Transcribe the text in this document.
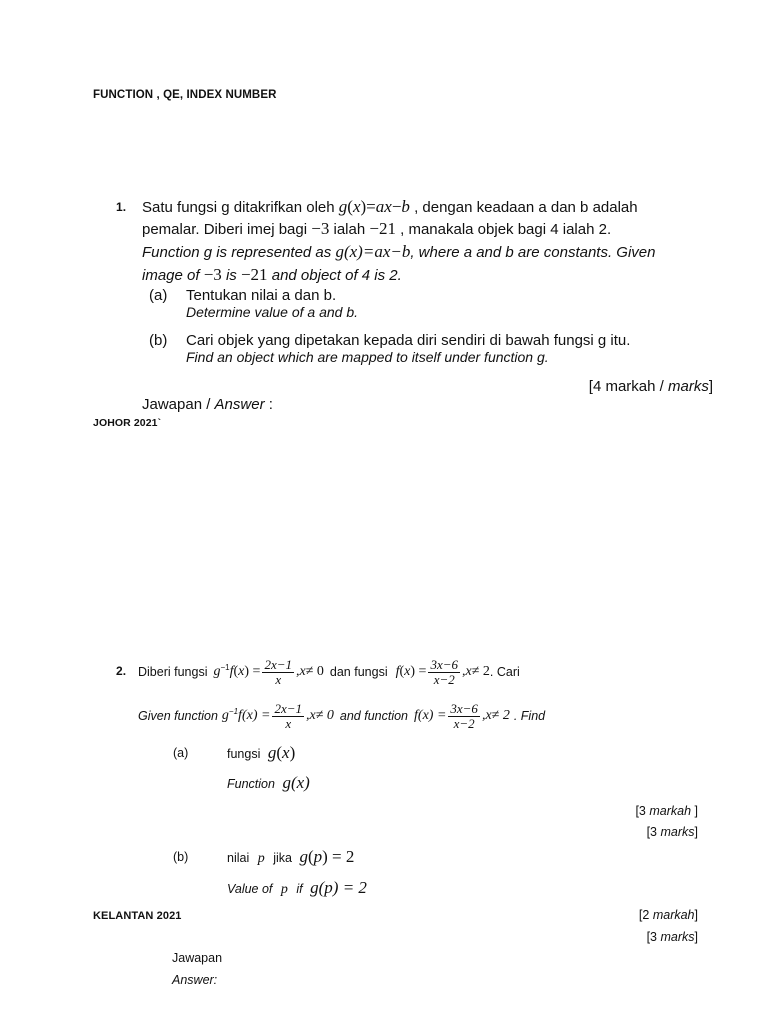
FUNCTION , QE, INDEX NUMBER
1. Satu fungsi g ditakrifkan oleh g(x)=ax−b , dengan keadaan a dan b adalah
pemalar. Diberi imej bagi −3 ialah −21 , manakala objek bagi 4 ialah 2.
Function g is represented as g(x)=ax−b, where a and b are constants. Given
image of −3 is −21 and object of 4 is 2.
(a) Tentukan nilai a dan b.
Determine value of a and b.
(b) Cari objek yang dipetakan kepada diri sendiri di bawah fungsi g itu.
Find an object which are mapped to itself under function g.
[4 markah / marks]
Jawapan / Answer :
JOHOR 2021`
2. Diberi fungsi $g^{-1}f(x) = \frac{2x-1}{x}$ , x ≠ 0 dan fungsi $f(x) = \frac{3x-6}{x-2}$ , x ≠ 2 . Cari
Given function $g^{-1}f(x) = \frac{2x-1}{x}$ , x ≠ 0 and function $f(x) = \frac{3x-6}{x-2}$ , x ≠ 2 . Find
(a)	fungsi g(x)
Function g(x)
[3 markah ]
[3 marks]
(b)	nilai p jika g(p) = 2
Value of p if g(p) = 2
KELANTAN 2021	[2 markah]
[3 marks]
Jawapan
Answer:
